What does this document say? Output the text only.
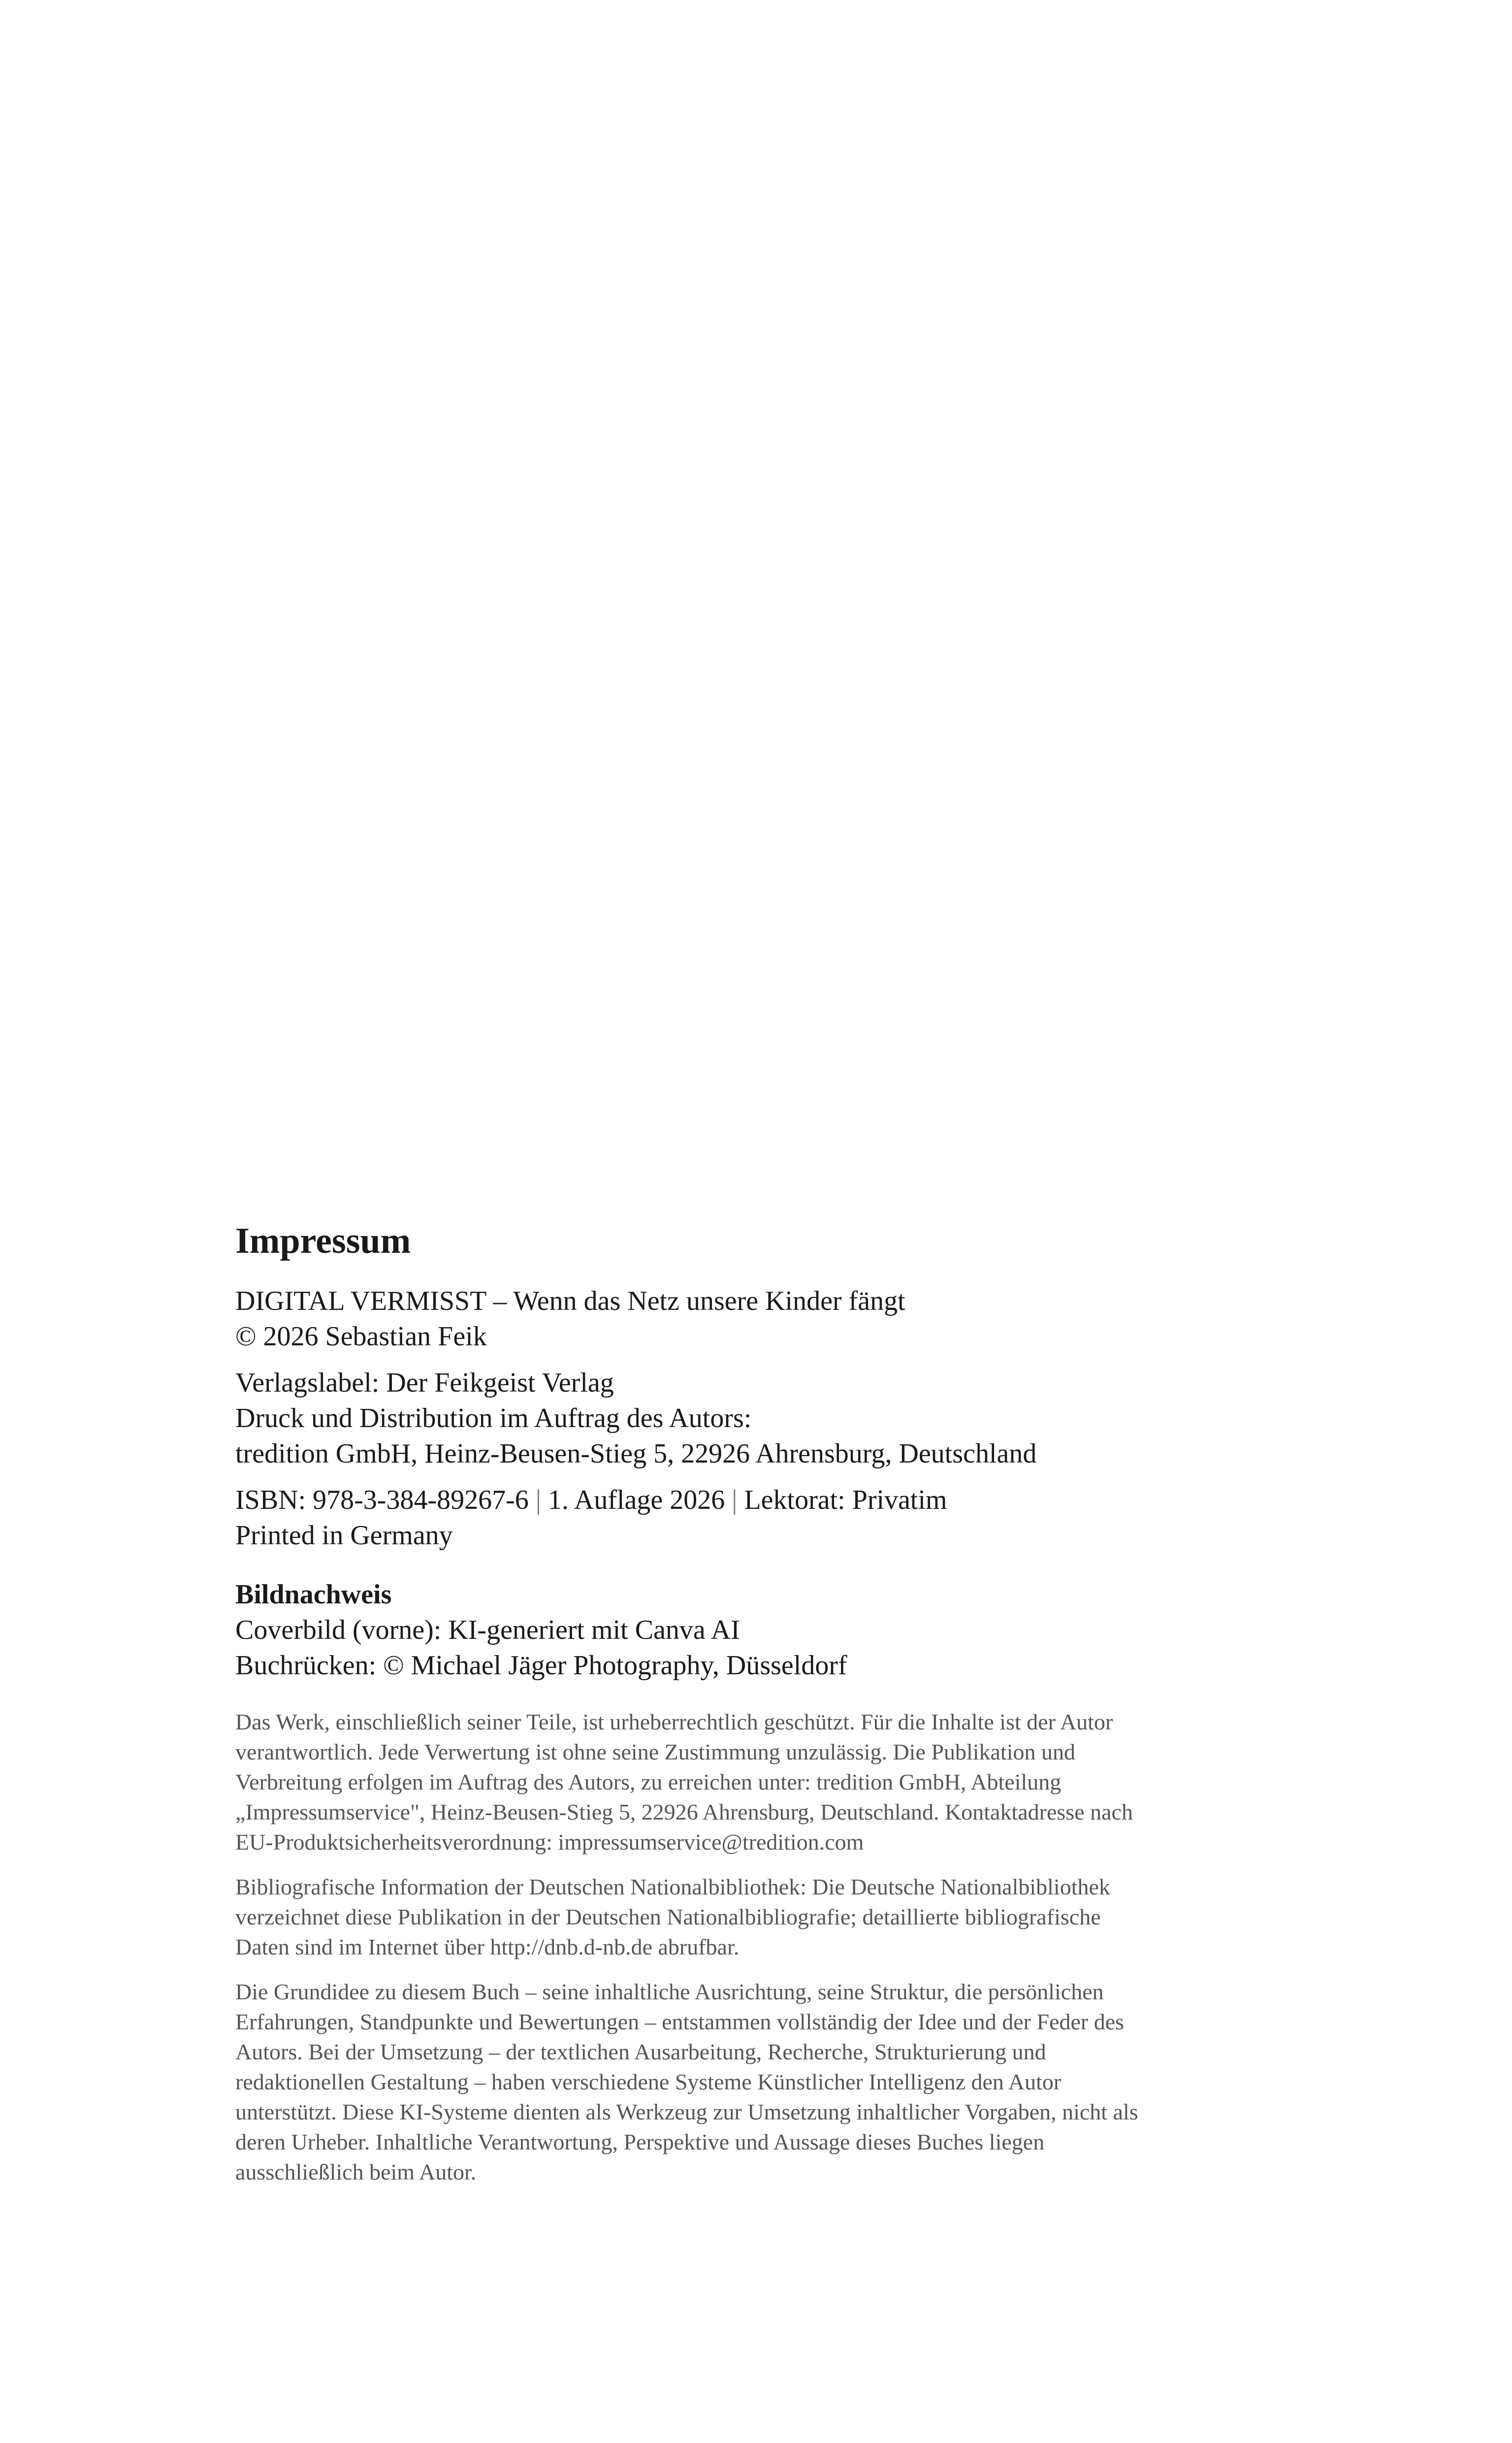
Impressum
DIGITAL VERMISST – Wenn das Netz unsere Kinder fängt
© 2026 Sebastian Feik
Verlagslabel: Der Feikgeist Verlag
Druck und Distribution im Auftrag des Autors:
tredition GmbH, Heinz-Beusen-Stieg 5, 22926 Ahrensburg, Deutschland
ISBN: 978-3-384-89267-6 | 1. Auflage 2026 | Lektorat: Privatim
Printed in Germany
Bildnachweis
Coverbild (vorne): KI-generiert mit Canva AI
Buchrücken: © Michael Jäger Photography, Düsseldorf
Das Werk, einschließlich seiner Teile, ist urheberrechtlich geschützt. Für die Inhalte ist der Autor
verantwortlich. Jede Verwertung ist ohne seine Zustimmung unzulässig. Die Publikation und
Verbreitung erfolgen im Auftrag des Autors, zu erreichen unter: tredition GmbH, Abteilung
„Impressumservice", Heinz-Beusen-Stieg 5, 22926 Ahrensburg, Deutschland. Kontaktadresse nach
EU-Produktsicherheitsverordnung: impressumservice@tredition.com
Bibliografische Information der Deutschen Nationalbibliothek: Die Deutsche Nationalbibliothek
verzeichnet diese Publikation in der Deutschen Nationalbibliografie; detaillierte bibliografische
Daten sind im Internet über http://dnb.d-nb.de abrufbar.
Die Grundidee zu diesem Buch – seine inhaltliche Ausrichtung, seine Struktur, die persönlichen
Erfahrungen, Standpunkte und Bewertungen – entstammen vollständig der Idee und der Feder des
Autors. Bei der Umsetzung – der textlichen Ausarbeitung, Recherche, Strukturierung und
redaktionellen Gestaltung – haben verschiedene Systeme Künstlicher Intelligenz den Autor
unterstützt. Diese KI-Systeme dienten als Werkzeug zur Umsetzung inhaltlicher Vorgaben, nicht als
deren Urheber. Inhaltliche Verantwortung, Perspektive und Aussage dieses Buches liegen
ausschließlich beim Autor.
